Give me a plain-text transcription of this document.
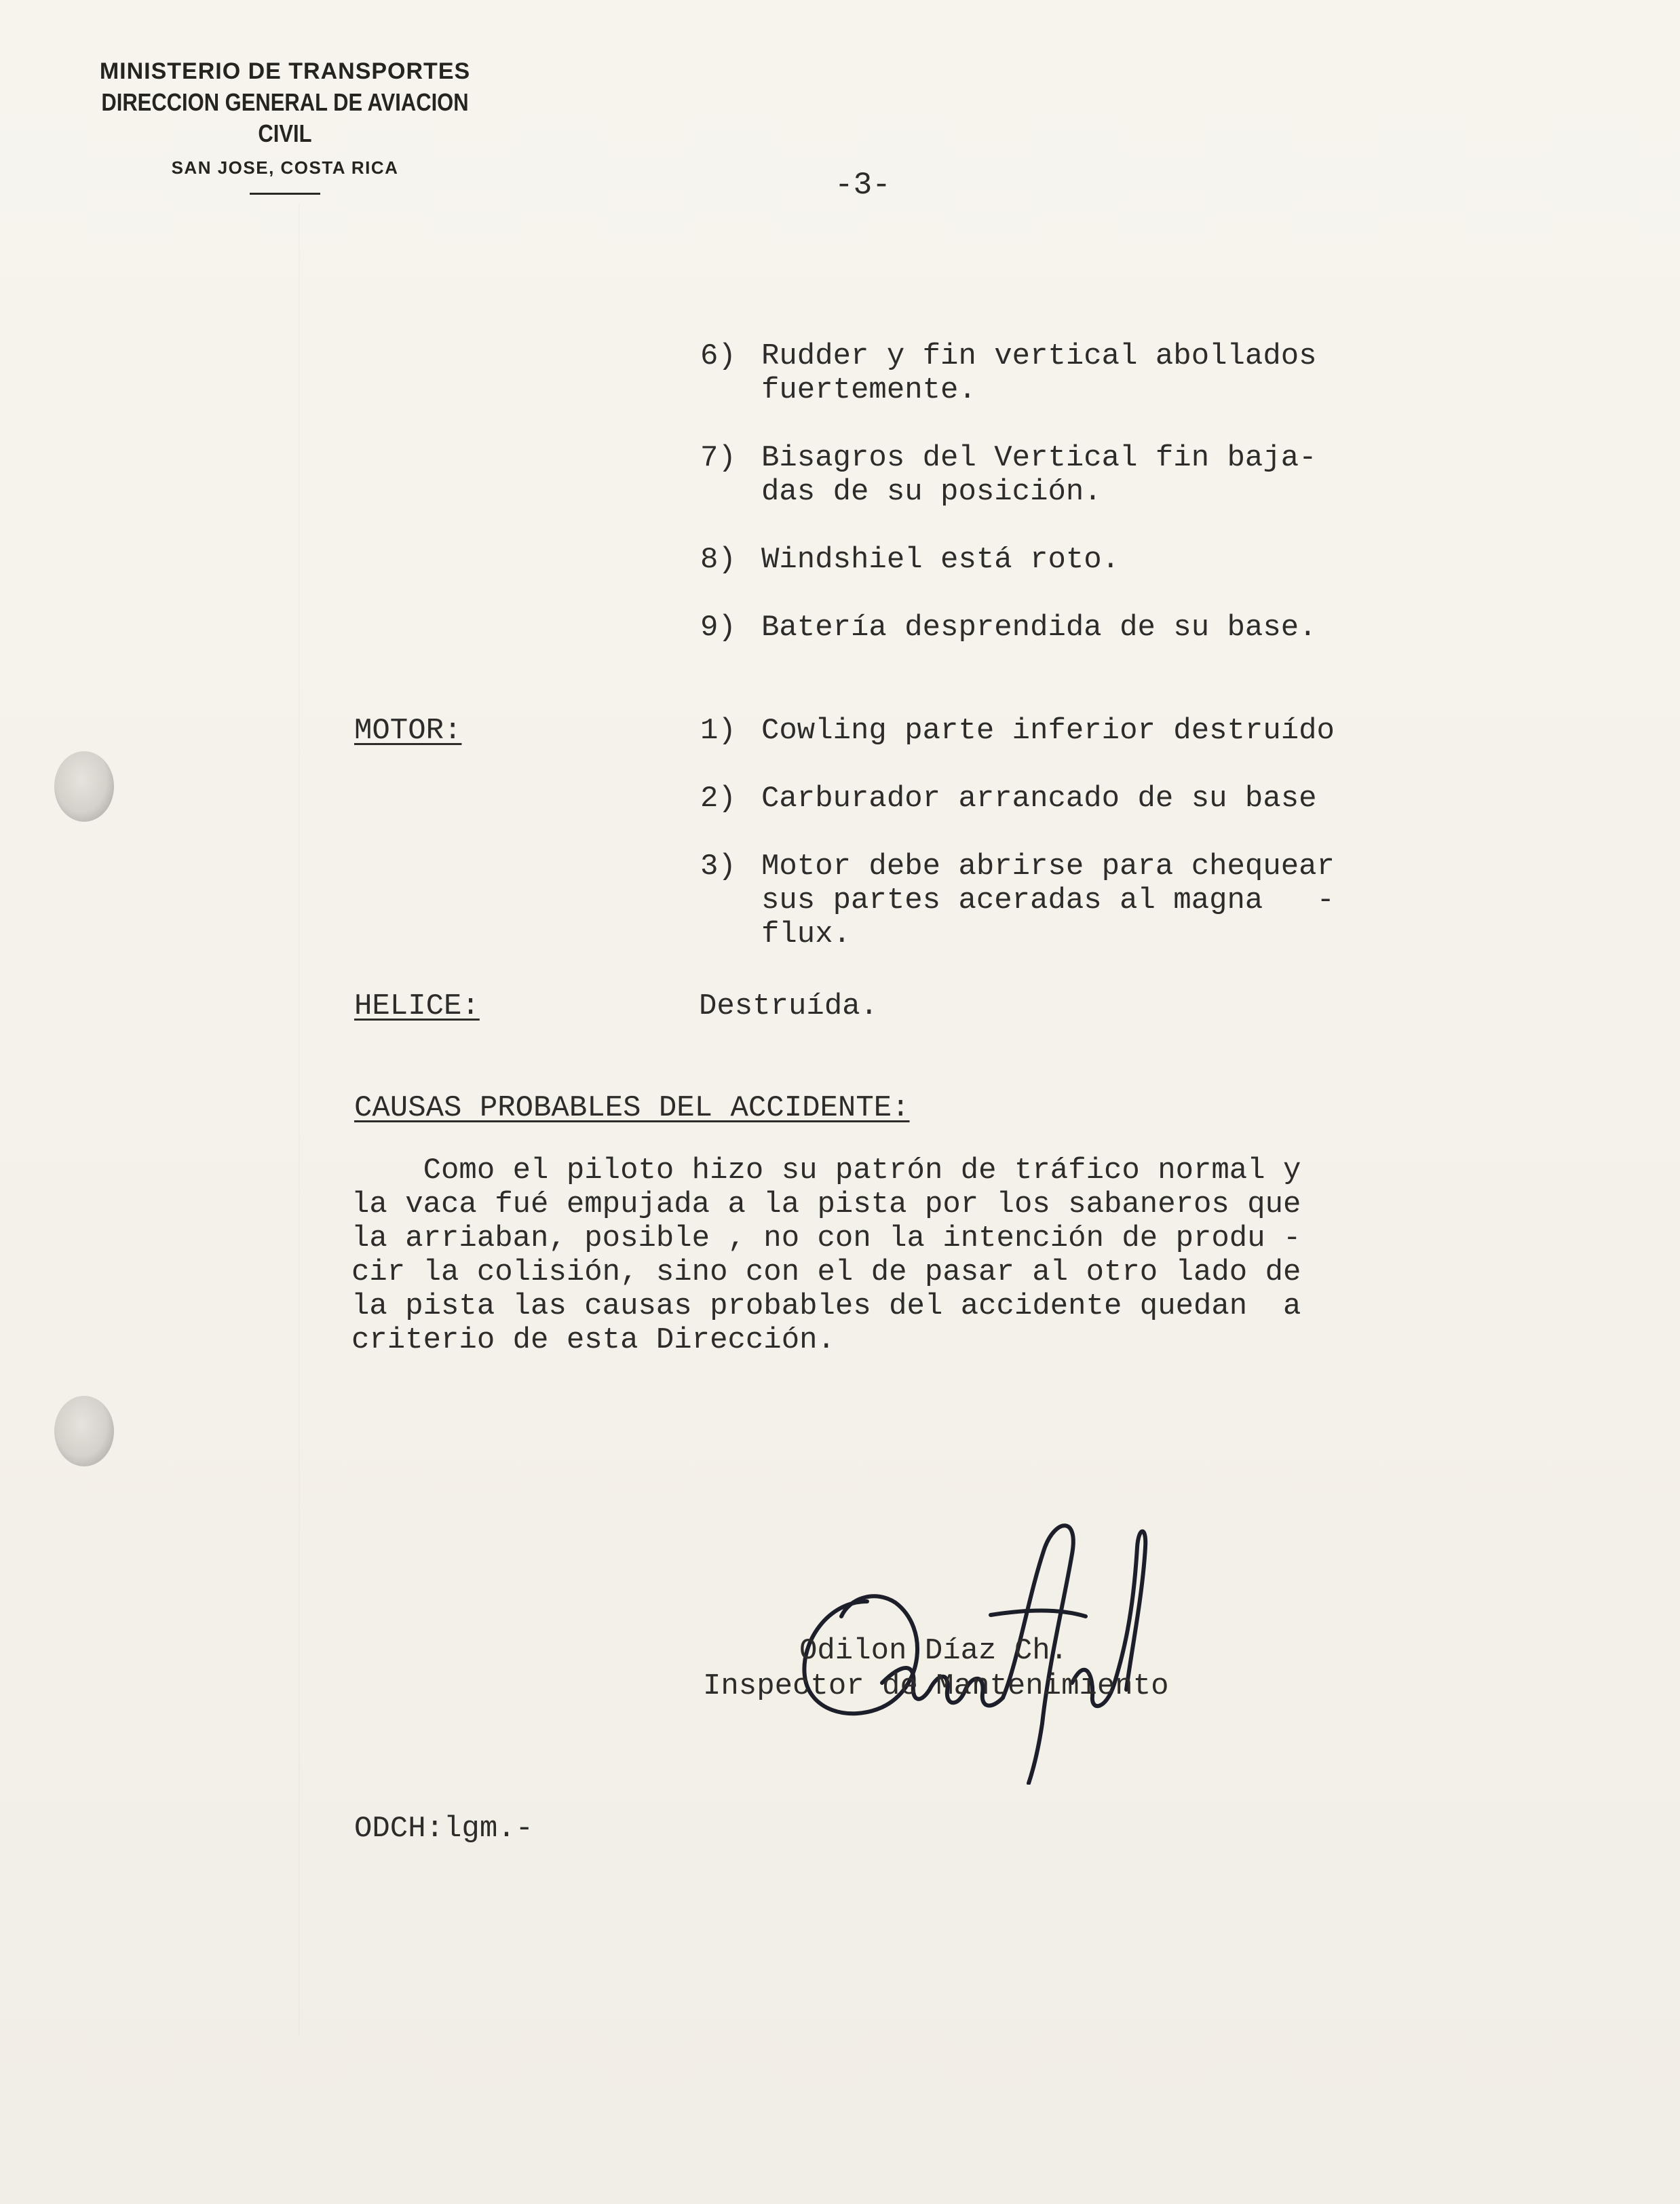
MINISTERIO DE TRANSPORTES
DIRECCION GENERAL DE AVIACION CIVIL
SAN JOSE, COSTA RICA	-3-
6) Rudder y fin vertical abollados
fuertemente.
7) Bisagros del Vertical fin baja-
das de su posición.
8) Windshiel está roto.
9) Batería desprendida de su base.
MOTOR:	1) Cowling parte inferior destruído
2) Carburador arrancado de su base
3) Motor debe abrirse para chequear
sus partes aceradas al magna   -
flux.
HELICE:	Destruída.
CAUSAS PROBABLES DEL ACCIDENTE:

Como el piloto hizo su patrón de tráfico normal y

la vaca fué empujada a la pista por los sabaneros que

la arriaban, posible , no con la intención de produ -

cir la colisión, sino con el de pasar al otro lado de

la pista las causas probables del accidente quedan  a

criterio de esta Dirección.

Odilon Díaz Ch.
Inspector de Mantenimiento
ODCH:lgm.-
